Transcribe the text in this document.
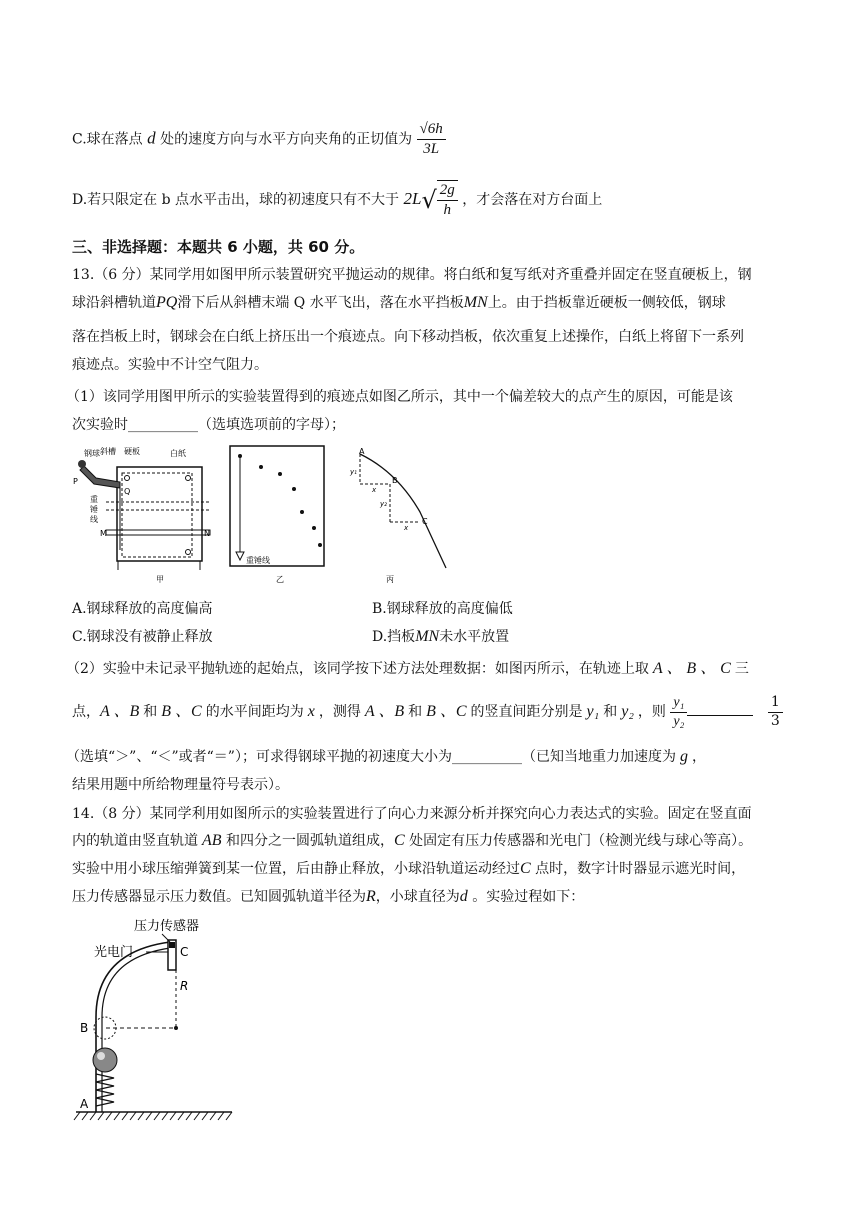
C.球在落点 d 处的速度方向与水平方向夹角的正切值为 $\frac{√6h}{3L}$
D.若只限定在 b 点水平击出，球的初速度只有不大于 $2L√ \frac{2g}{h}$ ，才会落在对方台面上
三、非选择题：本题共 6 小题，共 60 分。
13.（6 分）某同学用如图甲所示装置研究平抛运动的规律。将白纸和复写纸对齐重叠并固定在竖直硬板上，钢
球沿斜槽轨道PQ滑下后从斜槽末端 Q 水平飞出，落在水平挡板MN上。由于挡板靠近硬板一侧较低，钢球
落在挡板上时，钢球会在白纸上挤压出一个痕迹点。向下移动挡板，依次重复上述操作，白纸上将留下一系列
痕迹点。实验中不计空气阻力。
（1）该同学用图甲所示的实验装置得到的痕迹点如图乙所示，其中一个偏差较大的点产生的原因，可能是该
次实验时__________（选填选项前的字母）；
钢球 斜槽 硬板	白纸
P
Q
重
锤
线
M	N
甲
重锤线
乙
A
B
C
y₁
y₂
x
x
丙
A.钢球释放的高度偏高	B.钢球释放的高度偏低
C.钢球没有被静止释放	D.挡板MN未水平放置
（2）实验中未记录平抛轨迹的起始点，该同学按下述方法处理数据：如图丙所示，在轨迹上取 A 、 B 、 C 三
点，A 、B 和 B 、C 的水平间距均为 x ，测得 A 、B 和 B 、C 的竖直间距分别是 y₁ 和 y₂ ，则 $\frac{\text{y₁}}{\text{y₂}}$
	$\frac{1}{3}$
（选填“＞”、“＜”或者“＝”）；可求得钢球平抛的初速度大小为__________（已知当地重力加速度为 g ，
结果用题中所给物理量符号表示）。
14.（8 分）某同学利用如图所示的实验装置进行了向心力来源分析并探究向心力表达式的实验。固定在竖直面
内的轨道由竖直轨道 AB 和四分之一圆弧轨道组成，C 处固定有压力传感器和光电门（检测光线与球心等高）。
实验中用小球压缩弹簧到某一位置，后由静止释放，小球沿轨道运动经过C 点时，数字计时器显示遮光时间，
压力传感器显示压力数值。已知圆弧轨道半径为R，小球直径为d 。实验过程如下：
压力传感器
光电门	C
R
B
A
